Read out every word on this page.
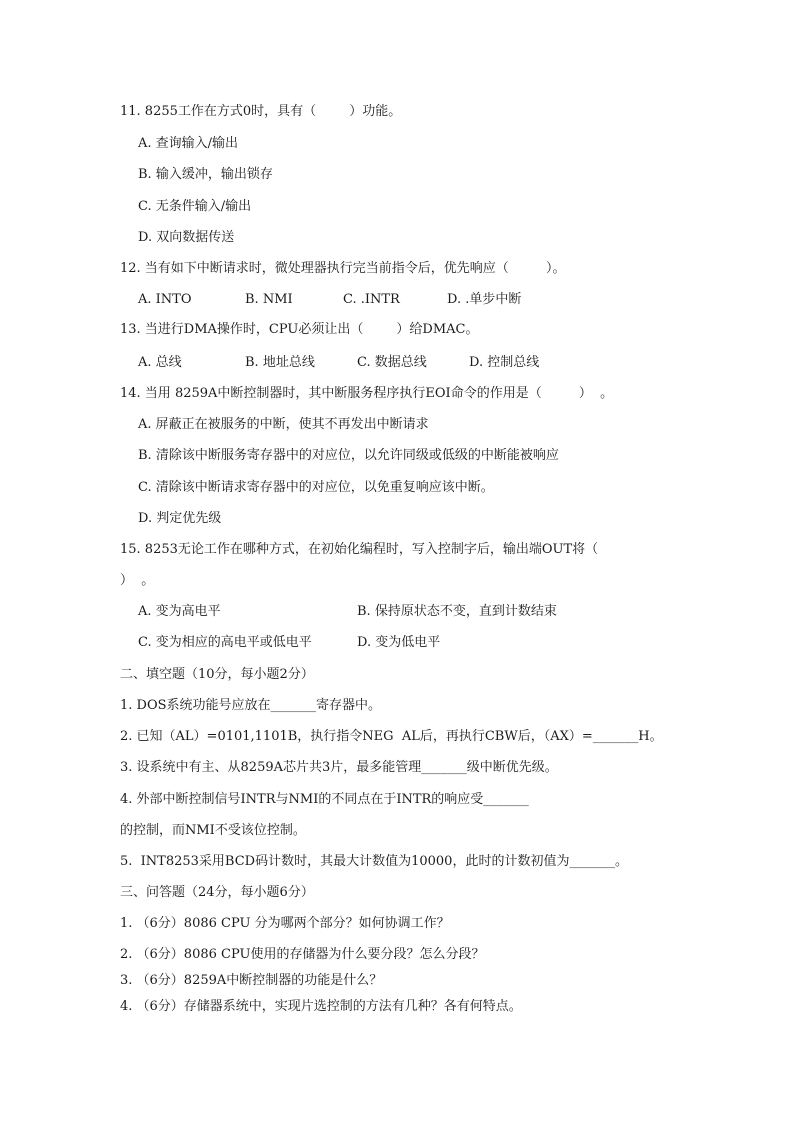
11. 8255工作在方式0时，具有（        ）功能。
A. 查询输入/输出
B. 输入缓冲，输出锁存
C. 无条件输入/输出
D. 双向数据传送
12. 当有如下中断请求时，微处理器执行完当前指令后，优先响应（         ）。
A. INTO	B. NMI	C. .INTR	D. .单步中断
13. 当进行DMA操作时，CPU必须让出（        ）给DMAC。
A. 总线	B. 地址总线	C. 数据总线	D. 控制总线
14. 当用 8259A中断控制器时，其中断服务程序执行EOI命令的作用是（         ）  。
A. 屏蔽正在被服务的中断，使其不再发出中断请求
B. 清除该中断服务寄存器中的对应位，以允许同级或低级的中断能被响应
C. 清除该中断请求寄存器中的对应位，以免重复响应该中断。
D. 判定优先级
15. 8253无论工作在哪种方式，在初始化编程时，写入控制字后，输出端OUT将（
）  。
A. 变为高电平	B. 保持原状态不变，直到计数结束
C. 变为相应的高电平或低电平	D. 变为低电平
二、填空题（10分，每小题2分）
1. DOS系统功能号应放在_______寄存器中。
2. 已知（AL）=0101,1101B，执行指令NEG  AL后，再执行CBW后，（AX）=_______H。
3. 设系统中有主、从8259A芯片共3片，最多能管理_______级中断优先级。
4. 外部中断控制信号INTR与NMI的不同点在于INTR的响应受_______
的控制，而NMI不受该位控制。
5.  INT8253采用BCD码计数时，其最大计数值为10000，此时的计数初值为_______。
三、问答题（24分，每小题6分）
1. （6分）8086 CPU 分为哪两个部分？如何协调工作？
2. （6分）8086 CPU使用的存储器为什么要分段？怎么分段？
3. （6分）8259A中断控制器的功能是什么？
4. （6分）存储器系统中，实现片选控制的方法有几种？各有何特点。
